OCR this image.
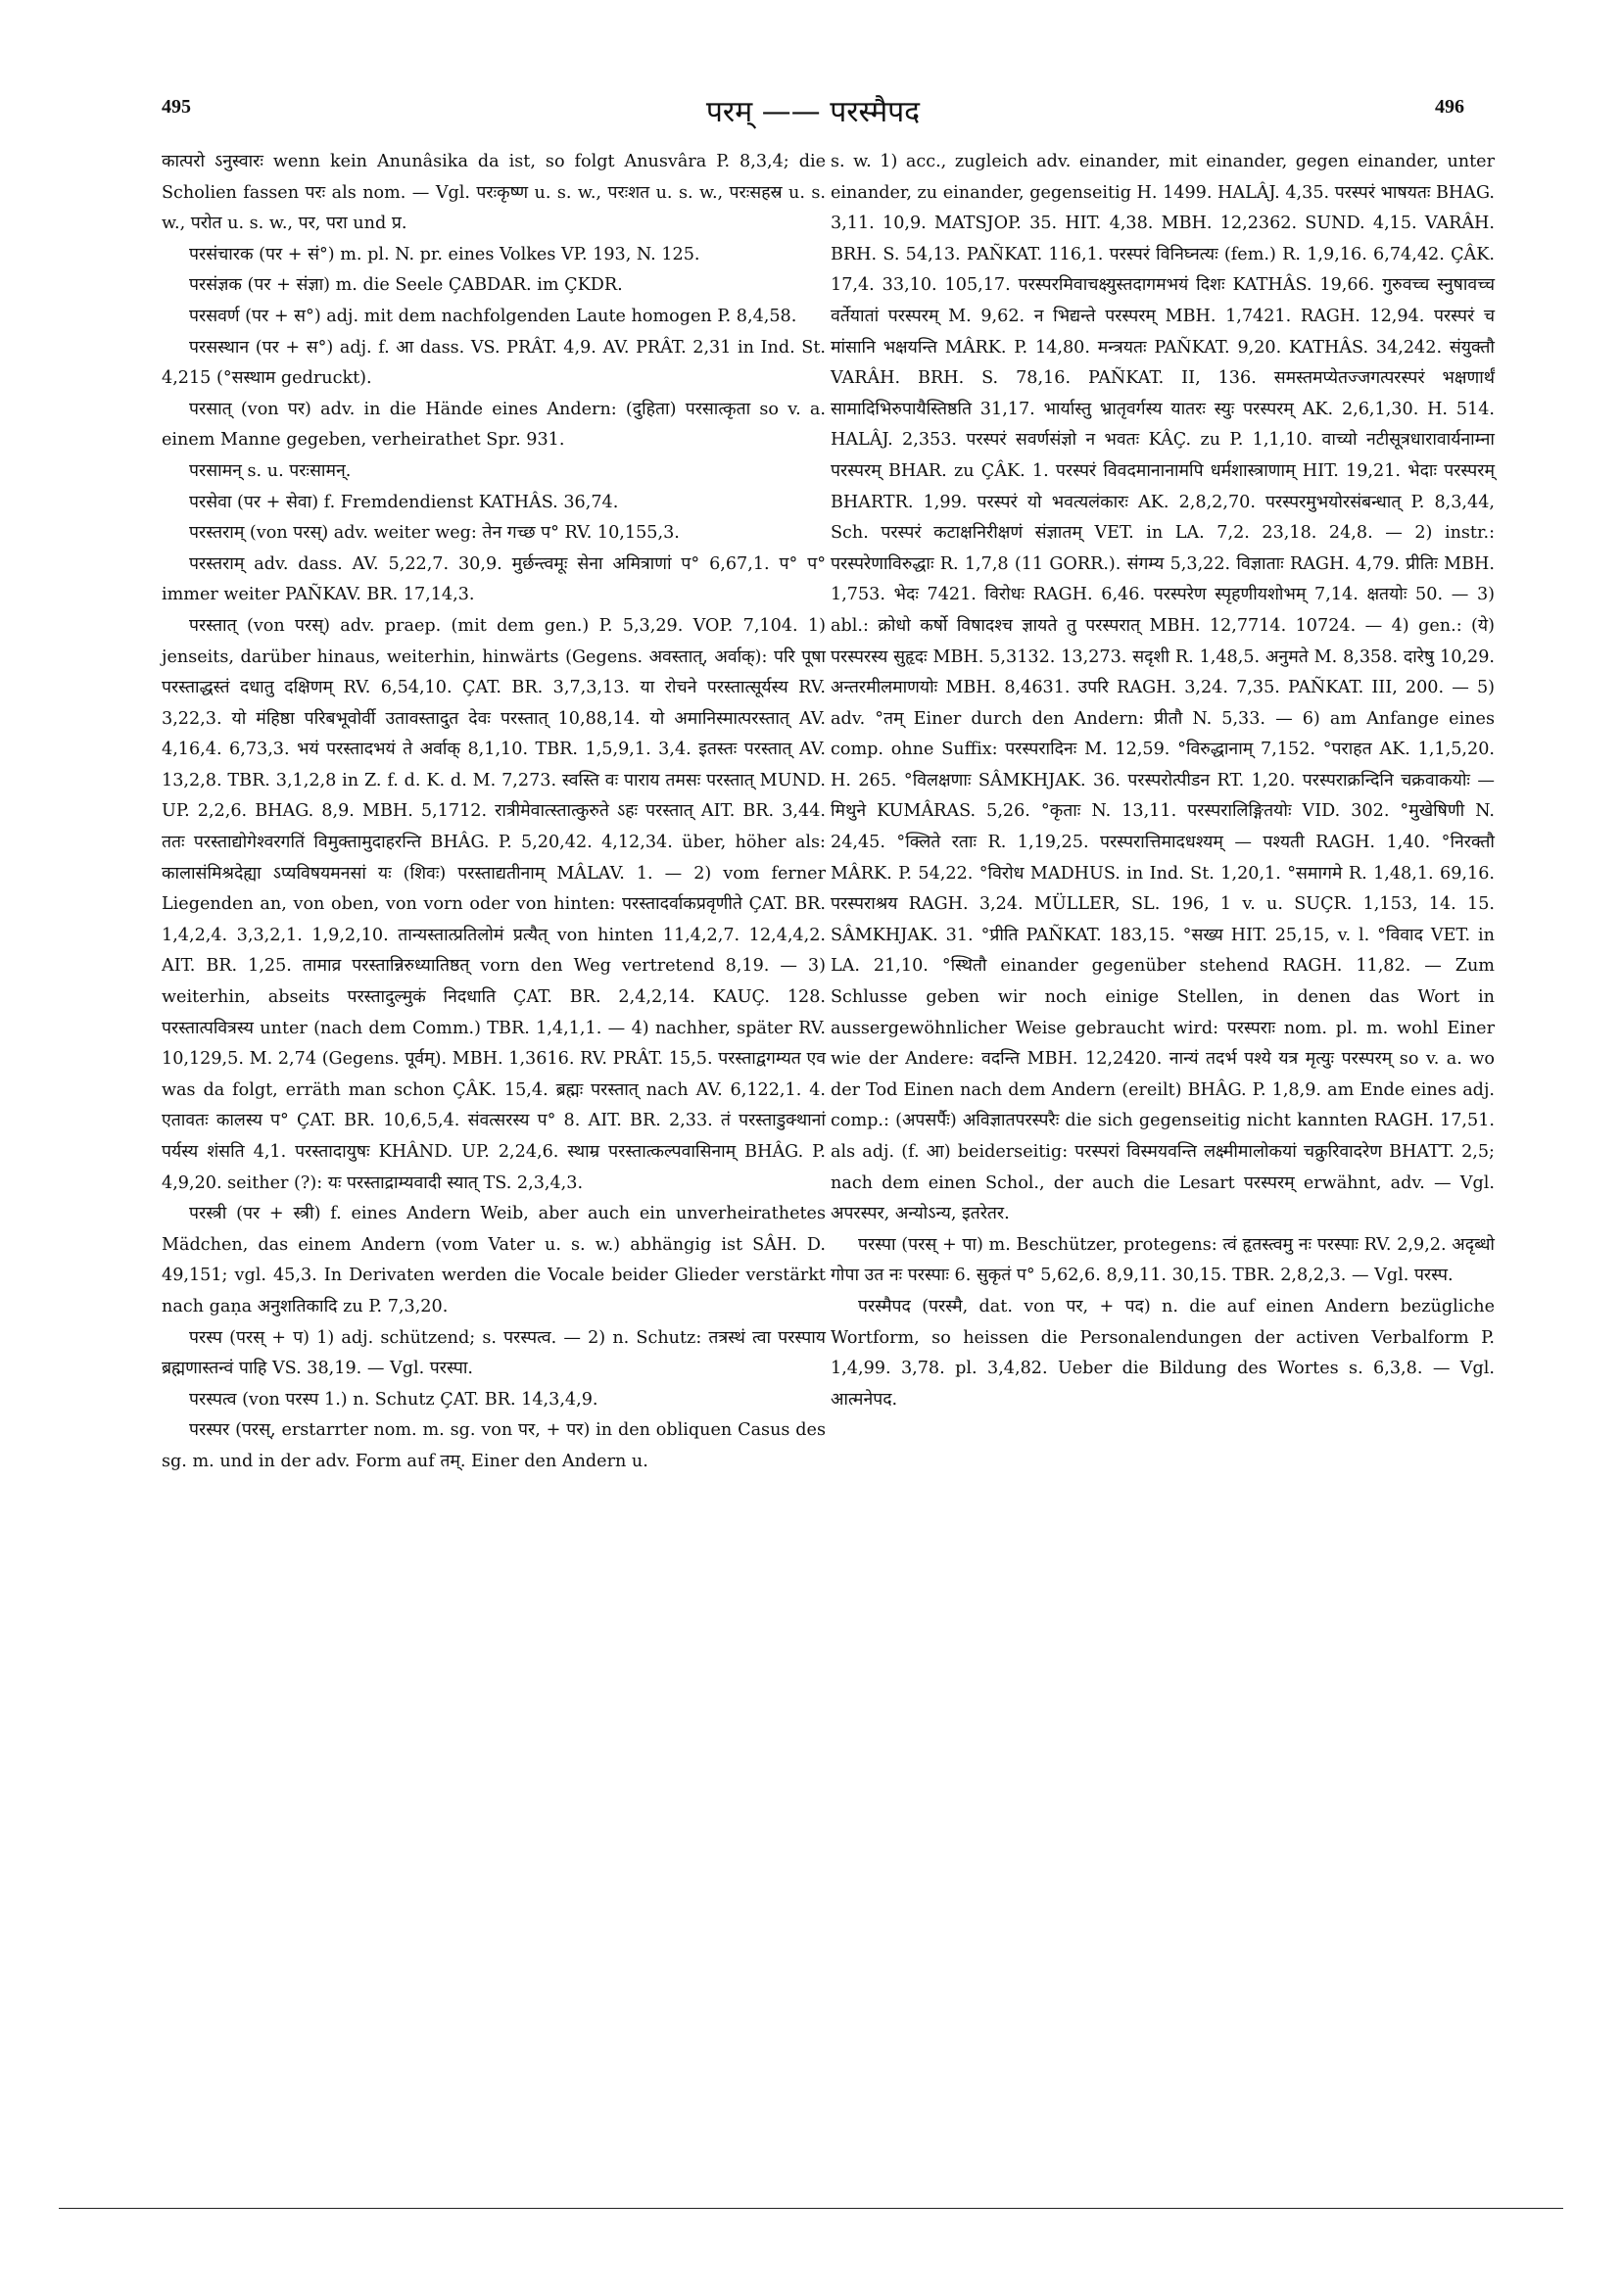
495	परम् —— परस्मैपद	496

कात्परो ऽनुस्वारः wenn kein Anunâsika da ist, so folgt Anusvâra P. 8,3,4; die Scholien fassen परः als nom. — Vgl. परःकृष्ण u. s. w., परःशत u. s. w., परःसहस्र u. s. w., परोत u. s. w., पर, परा und प्र.

परसंचारक (पर + सं°) m. pl. N. pr. eines Volkes VP. 193, N. 125.

परसंज्ञक (पर + संज्ञा) m. die Seele ÇABDAR. im ÇKDR.

परसवर्ण (पर + स°) adj. mit dem nachfolgenden Laute homogen P. 8,4,58.

परसस्थान (पर + स°) adj. f. आ dass. VS. PRÂT. 4,9. AV. PRÂT. 2,31 in Ind. St. 4,215 (°सस्थाम gedruckt).

परसात् (von पर) adv. in die Hände eines Andern: (दुहिता) परसात्कृता so v. a. einem Manne gegeben, verheirathet Spr. 931.

परसामन् s. u. परःसामन्.

परसेवा (पर + सेवा) f. Fremdendienst KATHÂS. 36,74.

परस्तराम् (von परस्) adv. weiter weg: तेन गच्छ प° RV. 10,155,3.

परस्तराम् adv. dass. AV. 5,22,7. 30,9. मुर्छन्त्वमूः सेना अमित्राणां प° 6,67,1. प° प° immer weiter PAÑKAV. BR. 17,14,3.

परस्तात् (von परस्) adv. praep. (mit dem gen.) P. 5,3,29. VOP. 7,104. 1) jenseits, darüber hinaus, weiterhin, hinwärts (Gegens. अवस्तात्, अर्वाक्): परि पूषा परस्ताद्धस्तं दधातु दक्षिणम् RV. 6,54,10. ÇAT. BR. 3,7,3,13. या रोचने परस्तात्सूर्यस्य RV. 3,22,3. यो मंहिष्ठा परिबभूवोर्वी उतावस्तादुत देवः परस्तात् 10,88,14. यो अमानिस्मात्परस्तात् AV. 4,16,4. 6,73,3. भयं परस्तादभयं ते अर्वाक् 8,1,10. TBR. 1,5,9,1. 3,4. इतस्तः परस्तात् AV. 13,2,8. TBR. 3,1,2,8 in Z. f. d. K. d. M. 7,273. स्वस्ति वः पाराय तमसः परस्तात् MUND. UP. 2,2,6. BHAG. 8,9. MBH. 5,1712. रात्रीमेवात्स्तात्कुरुते ऽहः परस्तात् AIT. BR. 3,44. ततः परस्ताद्योगेश्वरगतिं विमुक्तामुदाहरन्ति BHÂG. P. 5,20,42. 4,12,34. über, höher als: कालासंमिश्रदेह्या ऽप्यविषयमनसां यः (शिवः) परस्ताद्यतीनाम् MÂLAV. 1. — 2) vom ferner Liegenden an, von oben, von vorn oder von hinten: परस्तादर्वाकप्रवृणीते ÇAT. BR. 1,4,2,4. 3,3,2,1. 1,9,2,10. तान्यस्तात्प्रतिलोमं प्रत्यैत् von hinten 11,4,2,7. 12,4,4,2. AIT. BR. 1,25. तामाव्र परस्तान्निरुध्यातिष्ठत् vorn den Weg vertretend 8,19. — 3) weiterhin, abseits परस्तादुल्मुकं निदधाति ÇAT. BR. 2,4,2,14. KAUÇ. 128. परस्तात्पवित्रस्य unter (nach dem Comm.) TBR. 1,4,1,1. — 4) nachher, später RV. 10,129,5. M. 2,74 (Gegens. पूर्वम्). MBH. 1,3616. RV. PRÂT. 15,5. परस्ताद्वगम्यत एव was da folgt, erräth man schon ÇÂK. 15,4. ब्रह्मः परस्तात् nach AV. 6,122,1. 4. एतावतः कालस्य प° ÇAT. BR. 10,6,5,4. संवत्सरस्य प° 8. AIT. BR. 2,33. तं परस्ताडुक्थानां पर्यस्य शंसति 4,1. परस्तादायुषः KHÂND. UP. 2,24,6. स्थाम्र परस्तात्कल्पवासिनाम् BHÂG. P. 4,9,20. seither (?): यः परस्ताद्राम्यवादी स्यात् TS. 2,3,4,3.

परस्त्री (पर + स्त्री) f. eines Andern Weib, aber auch ein unverheirathetes Mädchen, das einem Andern (vom Vater u. s. w.) abhängig ist SÂH. D. 49,151; vgl. 45,3. In Derivaten werden die Vocale beider Glieder verstärkt nach gaṇa अनुशतिकादि zu P. 7,3,20.

परस्प (परस् + प) 1) adj. schützend; s. परस्पत्व. — 2) n. Schutz: तत्रस्थं त्वा परस्पाय ब्रह्मणास्तन्वं पाहि VS. 38,19. — Vgl. परस्पा.

परस्पत्व (von परस्प 1.) n. Schutz ÇAT. BR. 14,3,4,9.

परस्पर (परस्, erstarrter nom. m. sg. von पर, + पर) in den obliquen Casus des sg. m. und in der adv. Form auf तम्. Einer den Andern u.

s. w. 1) acc., zugleich adv. einander, mit einander, gegen einander, unter einander, zu einander, gegenseitig H. 1499. HALÂJ. 4,35. परस्परं भाषयतः BHAG. 3,11. 10,9. MATSJOP. 35. HIT. 4,38. MBH. 12,2362. SUND. 4,15. VARÂH. BRH. S. 54,13. PAÑKAT. 116,1. परस्परं विनिघ्नत्यः (fem.) R. 1,9,16. 6,74,42. ÇÂK. 17,4. 33,10. 105,17. परस्परमिवाचक्ष्युस्तदागमभयं दिशः KATHÂS. 19,66. गुरुवच्च स्नुषावच्च वर्तेयातां परस्परम् M. 9,62. न भिद्यन्ते परस्परम् MBH. 1,7421. RAGH. 12,94. परस्परं च मांसानि भक्षयन्ति MÂRK. P. 14,80. मन्त्रयतः PAÑKAT. 9,20. KATHÂS. 34,242. संयुक्तौ VARÂH. BRH. S. 78,16. PAÑKAT. II, 136. समस्तमप्येतज्जगत्परस्परं भक्षणार्थं सामादिभिरुपायैस्तिष्ठति 31,17. भार्यास्तु भ्रातृवर्गस्य यातरः स्युः परस्परम् AK. 2,6,1,30. H. 514. HALÂJ. 2,353. परस्परं सवर्णसंज्ञो न भवतः KÂÇ. zu P. 1,1,10. वाच्यो नटीसूत्रधारावार्यनाम्ना परस्परम् BHAR. zu ÇÂK. 1. परस्परं विवदमानानामपि धर्मशास्त्राणाम् HIT. 19,21. भेदाः परस्परम् BHARTR. 1,99. परस्परं यो भवत्यलंकारः AK. 2,8,2,70. परस्परमुभयोरसंबन्धात् P. 8,3,44, Sch. परस्परं कटाक्षनिरीक्षणं संज्ञातम् VET. in LA. 7,2. 23,18. 24,8. — 2) instr.: परस्परेणाविरुद्धाः R. 1,7,8 (11 GORR.). संगम्य 5,3,22. विज्ञाताः RAGH. 4,79. प्रीतिः MBH. 1,753. भेदः 7421. विरोधः RAGH. 6,46. परस्परेण स्पृहणीयशोभम् 7,14. क्षतयोः 50. — 3) abl.: क्रोधो कर्षो विषादश्च ज्ञायते तु परस्परात् MBH. 12,7714. 10724. — 4) gen.: (ये) परस्परस्य सुहृदः MBH. 5,3132. 13,273. सदृशी R. 1,48,5. अनुमते M. 8,358. दारेषु 10,29. अन्तरमीलमाणयोः MBH. 8,4631. उपरि RAGH. 3,24. 7,35. PAÑKAT. III, 200. — 5) adv. °तम् Einer durch den Andern: प्रीतौ N. 5,33. — 6) am Anfange eines comp. ohne Suffix: परस्परादिनः M. 12,59. °विरुद्धानाम् 7,152. °पराहत AK. 1,1,5,20. H. 265. °विलक्षणाः SÂMKHJAK. 36. परस्परोत्पीडन RT. 1,20. परस्पराक्रन्दिनि चक्रवाकयोः — मिथुने KUMÂRAS. 5,26. °कृताः N. 13,11. परस्परालिङ्गितयोः VID. 302. °मुखेषिणी N. 24,45. °क्लिते रताः R. 1,19,25. परस्परात्तिमादधश्यम् — पश्यती RAGH. 1,40. °निरक्तौ MÂRK. P. 54,22. °विरोध MADHUS. in Ind. St. 1,20,1. °समागमे R. 1,48,1. 69,16. परस्पराश्रय RAGH. 3,24. MÜLLER, SL. 196, 1 v. u. SUÇR. 1,153, 14. 15. SÂMKHJAK. 31. °प्रीति PAÑKAT. 183,15. °सख्य HIT. 25,15, v. l. °विवाद VET. in LA. 21,10. °स्थितौ einander gegenüber stehend RAGH. 11,82. — Zum Schlusse geben wir noch einige Stellen, in denen das Wort in aussergewöhnlicher Weise gebraucht wird: परस्पराः nom. pl. m. wohl Einer wie der Andere: वदन्ति MBH. 12,2420. नान्यं तदर्भ पश्ये यत्र मृत्युः परस्परम् so v. a. wo der Tod Einen nach dem Andern (ereilt) BHÂG. P. 1,8,9. am Ende eines adj. comp.: (अपसर्पैः) अविज्ञातपरस्परैः die sich gegenseitig nicht kannten RAGH. 17,51. als adj. (f. आ) beiderseitig: परस्परां विस्मयवन्ति लक्ष्मीमालोकयां चक्रुरिवादरेण BHATT. 2,5; nach dem einen Schol., der auch die Lesart परस्परम् erwähnt, adv. — Vgl. अपरस्पर, अन्योऽन्य, इतरेतर.

परस्पा (परस् + पा) m. Beschützer, protegens: त्वं हृतस्त्वमु नः परस्पाः RV. 2,9,2. अदृब्धो गोपा उत नः परस्पाः 6. सुकृतं प° 5,62,6. 8,9,11. 30,15. TBR. 2,8,2,3. — Vgl. परस्प.

परस्मैपद (परस्मै, dat. von पर, + पद) n. die auf einen Andern bezügliche Wortform, so heissen die Personalendungen der activen Verbalform P. 1,4,99. 3,78. pl. 3,4,82. Ueber die Bildung des Wortes s. 6,3,8. — Vgl. आत्मनेपद.
